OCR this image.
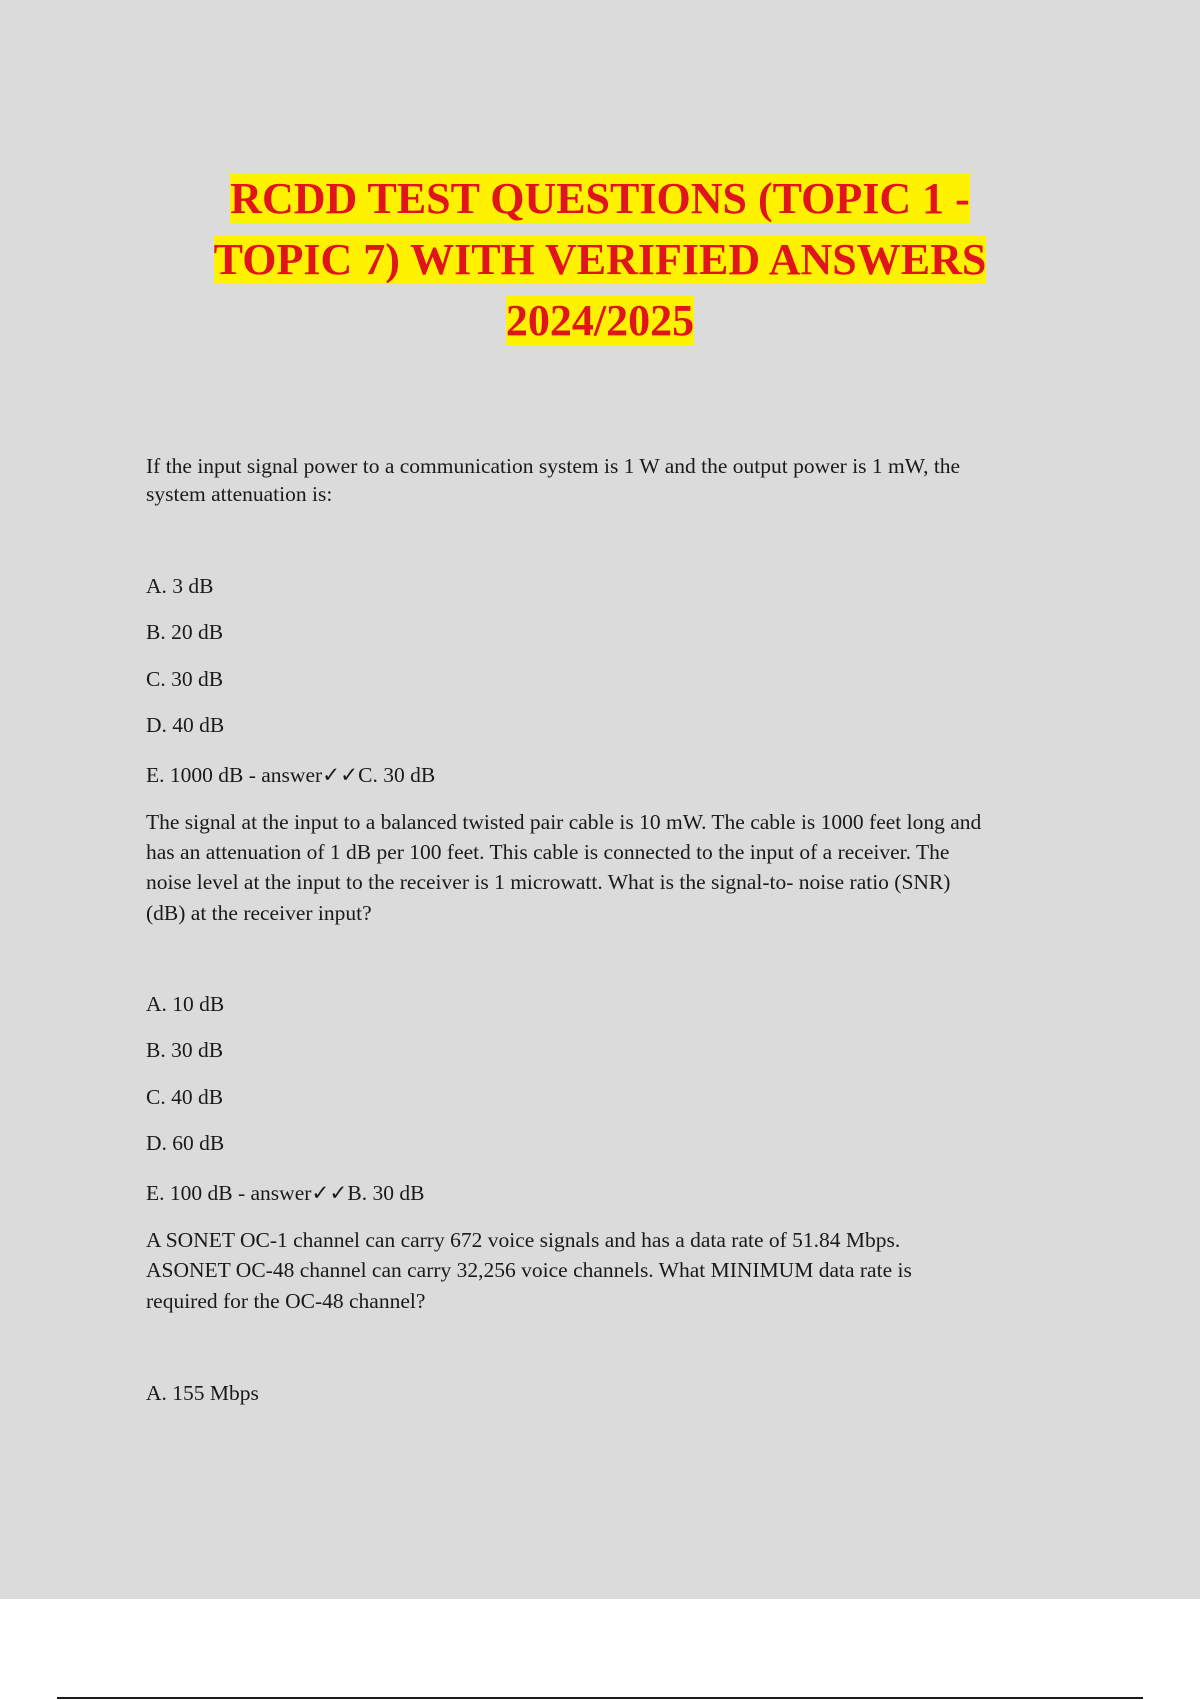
RCDD TEST QUESTIONS (TOPIC 1 -
TOPIC 7) WITH VERIFIED ANSWERS
2024/2025
If the input signal power to a communication system is 1 W and the output power is 1 mW, the
system attenuation is:
A. 3 dB
B. 20 dB
C. 30 dB
D. 40 dB
E. 1000 dB - answer✓✓C. 30 dB
The signal at the input to a balanced twisted pair cable is 10 mW. The cable is 1000 feet long and
has an attenuation of 1 dB per 100 feet. This cable is connected to the input of a receiver. The
noise level at the input to the receiver is 1 microwatt. What is the signal-to- noise ratio (SNR)
(dB) at the receiver input?
A. 10 dB
B. 30 dB
C. 40 dB
D. 60 dB
E. 100 dB - answer✓✓B. 30 dB
A SONET OC-1 channel can carry 672 voice signals and has a data rate of 51.84 Mbps.
ASONET OC-48 channel can carry 32,256 voice channels. What MINIMUM data rate is
required for the OC-48 channel?
A. 155 Mbps
